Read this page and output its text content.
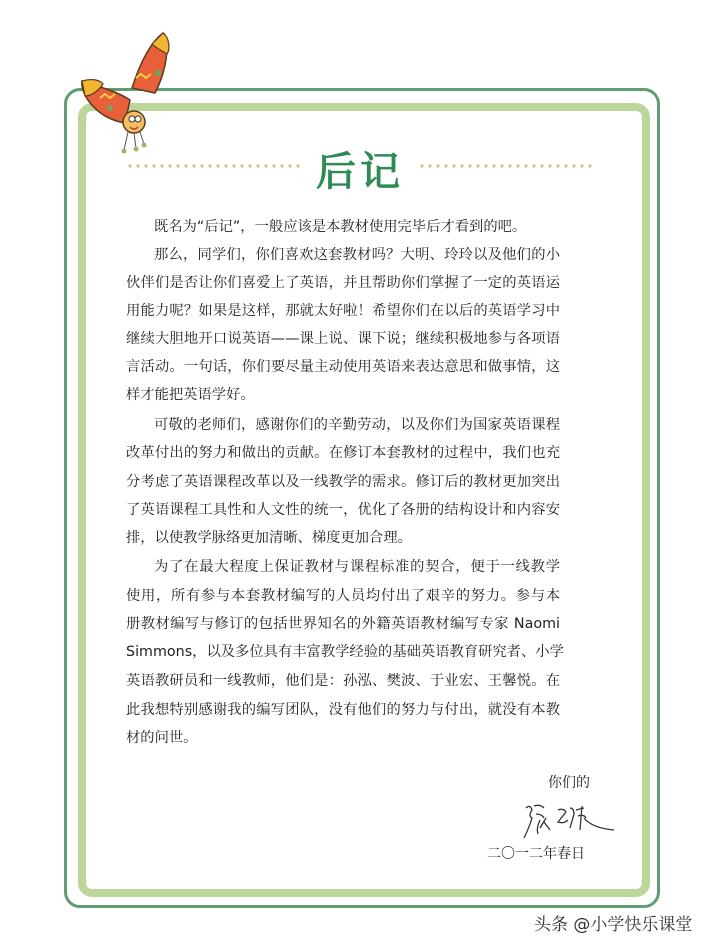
后记
既名为“后记”，一般应该是本教材使用完毕后才看到的吧。
那么，同学们，你们喜欢这套教材吗？大明、玲玲以及他们的小
伙伴们是否让你们喜爱上了英语，并且帮助你们掌握了一定的英语运
用能力呢？如果是这样，那就太好啦！希望你们在以后的英语学习中
继续大胆地开口说英语——课上说、课下说；继续积极地参与各项语
言活动。一句话，你们要尽量主动使用英语来表达意思和做事情，这
样才能把英语学好。
可敬的老师们，感谢你们的辛勤劳动，以及你们为国家英语课程
改革付出的努力和做出的贡献。在修订本套教材的过程中，我们也充
分考虑了英语课程改革以及一线教学的需求。修订后的教材更加突出
了英语课程工具性和人文性的统一，优化了各册的结构设计和内容安
排，以使教学脉络更加清晰、梯度更加合理。
为了在最大程度上保证教材与课程标准的契合，便于一线教学
使用，所有参与本套教材编写的人员均付出了艰辛的努力。参与本
册教材编写与修订的包括世界知名的外籍英语教材编写专家 Naomi
Simmons，以及多位具有丰富教学经验的基础英语教育研究者、小学
英语教研员和一线教师，他们是：孙泓、樊波、于业宏、王馨悦。在
此我想特别感谢我的编写团队，没有他们的努力与付出，就没有本教
材的问世。
你们的
二〇一二年春日
头条 @小学快乐课堂
